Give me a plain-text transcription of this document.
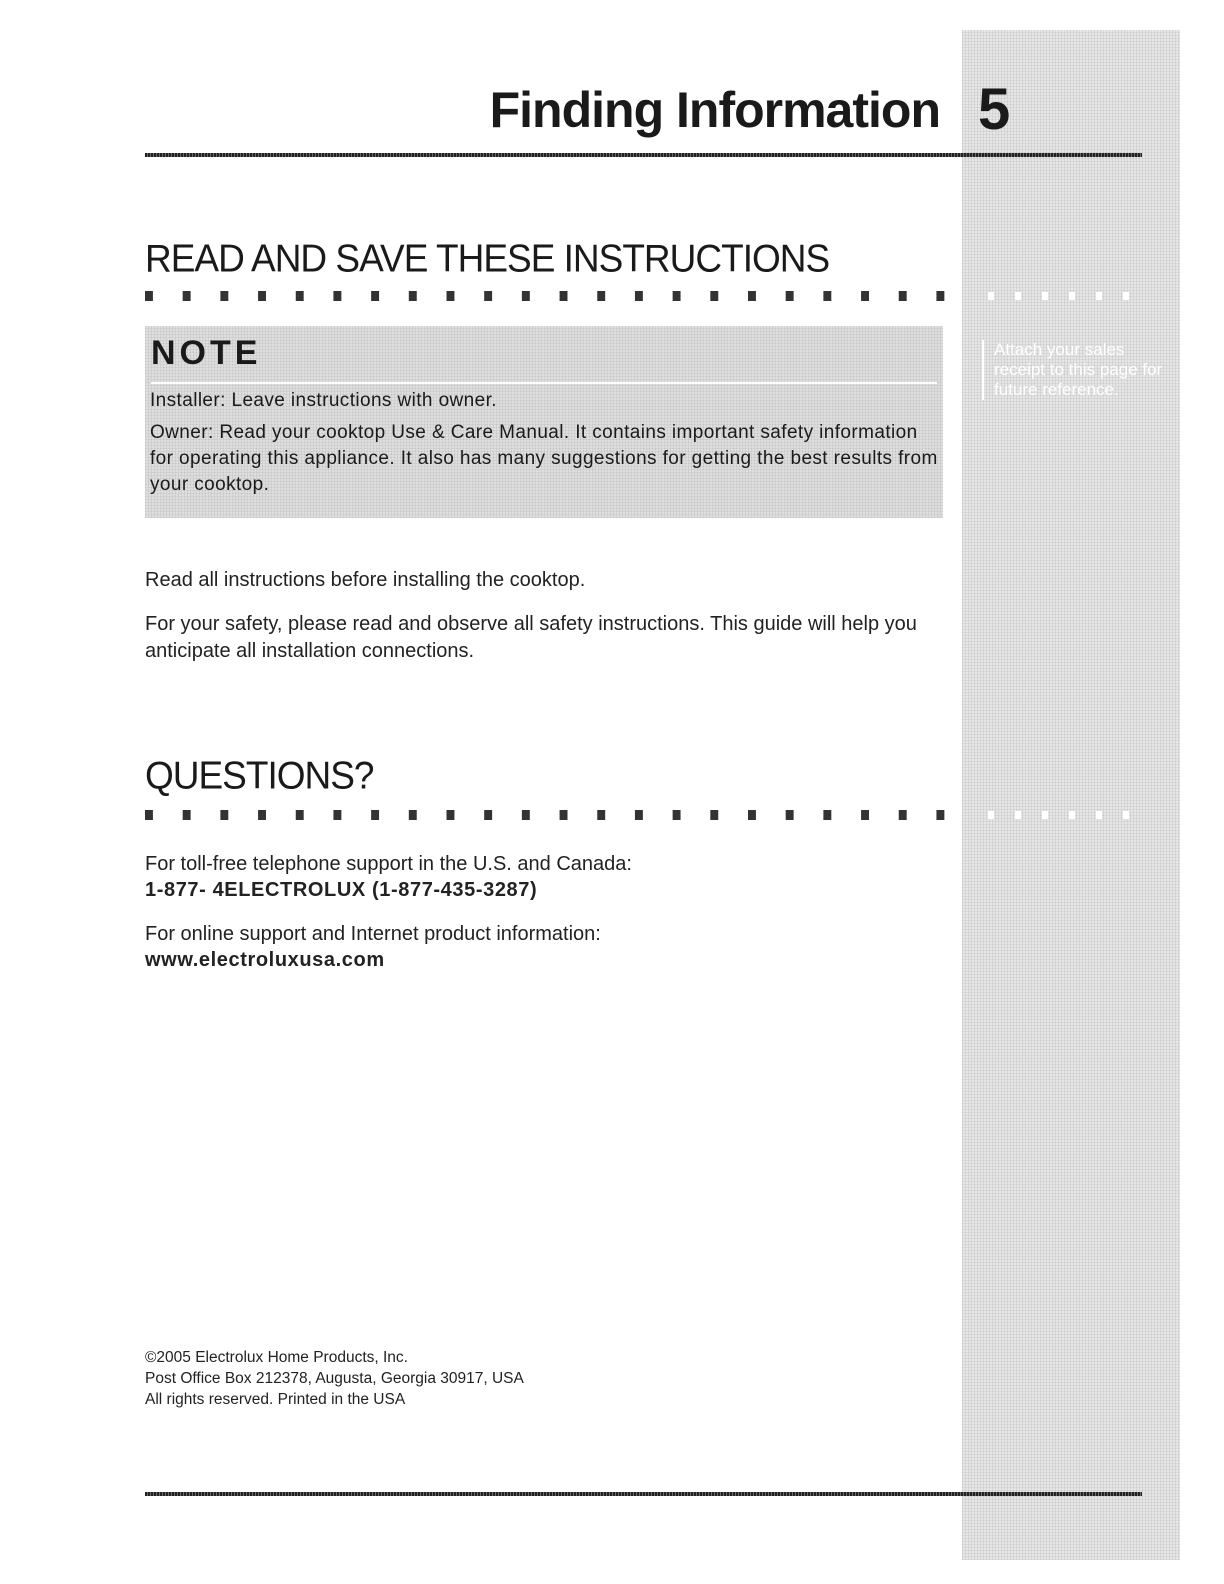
5
Finding Information
READ AND SAVE THESE INSTRUCTIONS
Attach your sales receipt to this page for future reference.
NOTE

Installer: Leave instructions with owner.

Owner: Read your cooktop Use & Care Manual. It contains important safety information for operating this appliance. It also has many suggestions for getting the best results from your cooktop.

Read all instructions before installing the cooktop.

For your safety, please read and observe all safety instructions. This guide will help you anticipate all installation connections.

QUESTIONS?

For toll-free telephone support in the U.S. and Canada:

1-877- 4ELECTROLUX (1-877-435-3287)

For online support and Internet product information:

www.electroluxusa.com

©2005 Electrolux Home Products, Inc.
Post Office Box 212378, Augusta, Georgia 30917, USA
All rights reserved. Printed in the USA
